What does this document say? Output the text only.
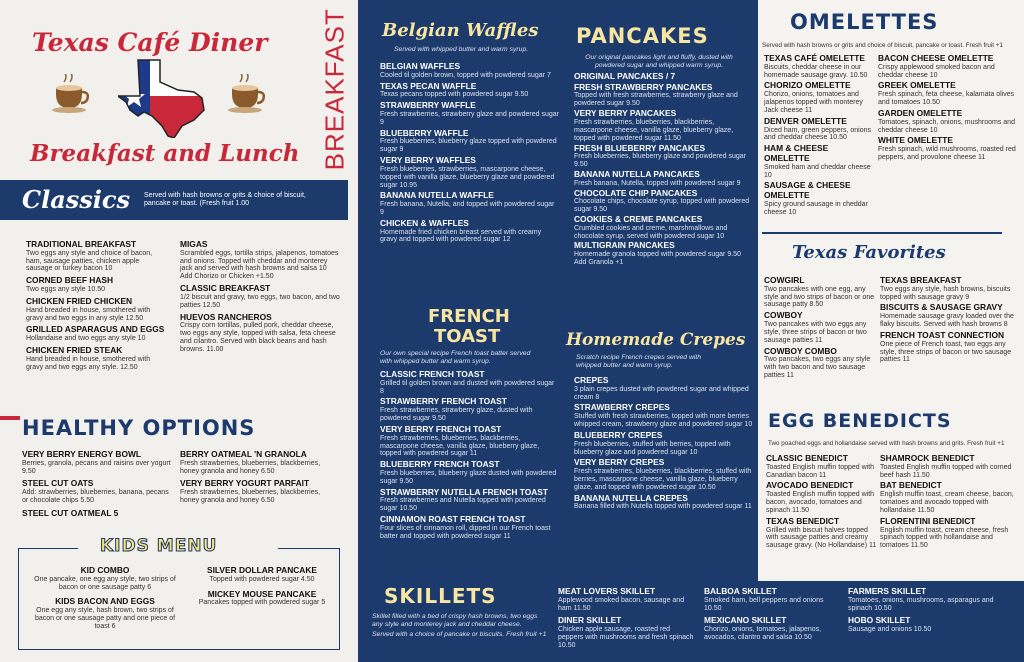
Texas Café Diner
Breakfast and Lunch BREAKFAST
Classics Served with hash browns or grits & choice of biscuit, pancake or toast. (Fresh fruit 1.00
TRADITIONAL BREAKFAST
Two eggs any style and choice of bacon, ham, sausage patties, chicken apple sausage or turkey bacon 10
CORNED BEEF HASH
Two eggs any style 10.50
CHICKEN FRIED CHICKEN
Hand breaded in house, smothered with gravy and two eggs in any style 12.50
GRILLED ASPARAGUS AND EGGS
Hollandaise and two eggs any style 10
CHICKEN FRIED STEAK
Hand breaded in house, smothered with gravy and two eggs any style. 12.50
MIGAS
Scrambled eggs, tortilla strips, jalapenos, tomatoes and onions. Topped with cheddar and monterey jack and served with hash browns and salsa 10 Add Chorizo or Chicken +1.50
CLASSIC BREAKFAST
1/2 biscuit and gravy, two eggs, two bacon, and two patties 12.50
HUEVOS RANCHEROS
Crispy corn tortillas, pulled pork, cheddar cheese, two eggs any style, topped with salsa, feta cheese and cilantro. Served with black beans and hash browns. 11.00
HEALTHY OPTIONS
VERY BERRY ENERGY BOWL
Berries, granola, pecans and raisins over yogurt 9.50
STEEL CUT OATS
Add: strawberries, blueberries, banana, pecans or chocolate chips 5.50
STEEL CUT OATMEAL 5
BERRY OATMEAL 'N GRANOLA
Fresh strawberries, blueberries, blackberries, honey granola and honey 6.50
VERY BERRY YOGURT PARFAIT
Fresh strawberries, blueberries, blackberries, honey granola and honey 6.50
KIDS MENU
KID COMBO
One pancake, one egg any style, two strips of bacon or one sausage patty 6
KIDS BACON AND EGGS
One egg any style, hash brown, two strips of bacon or one sausage patty and one piece of toast 6
SILVER DOLLAR PANCAKE
Topped with powdered sugar 4.50
MICKEY MOUSE PANCAKE
Pancakes topped with powdered sugar 5
Belgian Waffles
Served with whipped butter and warm syrup.
BELGIAN WAFFLES
Cooled til golden brown, topped with powdered sugar 7
TEXAS PECAN WAFFLE
Texas pecans topped with powdered sugar 9.50
STRAWBERRY WAFFLE
Fresh strawberries, strawberry glaze and powdered sugar 9
BLUEBERRY WAFFLE
Fresh blueberries, blueberry glaze topped with powdered sugar 9
VERY BERRY WAFFLES
Fresh blueberries, strawberries, mascarpone cheese, topped with vanilla glaze, blueberry glaze and powdered sugar 10.95
BANANA NUTELLA WAFFLE
Fresh banana, Nutella, and topped with powdered sugar 9
CHICKEN & WAFFLES
Homemade fried chicken breast served with creamy gravy and topped with powdered sugar 12
FRENCH
TOAST
Our own special recipe French toast batter served with whipped butter and warm syrup.
CLASSIC FRENCH TOAST
Grilled til golden brown and dusted with powdered sugar 8
STRAWBERRY FRENCH TOAST
Fresh strawberries, strawberry glaze, dusted with powdered sugar 9.50
VERY BERRY FRENCH TOAST
Fresh strawberries, blueberries, blackberries, mascarpone cheese, vanilla glaze, blueberry glaze, topped with powdered sugar 11
BLUEBERRY FRENCH TOAST
Fresh blueberries, blueberry glaze dusted with powdered sugar 9.50
STRAWBERRY NUTELLA FRENCH TOAST
Fresh strawberries and Nutella topped with powdered sugar 10.50
CINNAMON ROAST FRENCH TOAST
Four slices of cinnamon roll, dipped in our French toast batter and topped with powdered sugar 11
PANCAKES
Our original pancakes light and fluffy, dusted with powdered sugar and whipped warm syrup.
ORIGINAL PANCAKES / 7
FRESH STRAWBERRY PANCAKES
Topped with fresh strawberries, strawberry glaze and powdered sugar 9.50
VERY BERRY PANCAKES
Fresh strawberries, blueberries, blackberries, mascarpone cheese, vanilla glaze, blueberry glaze, topped with powdered sugar 11.50
FRESH BLUEBERRY PANCAKES
Fresh blueberries, blueberry glaze and powdered sugar 9.50
BANANA NUTELLA PANCAKES
Fresh banana, Nutella, topped with powdered sugar 9
CHOCOLATE CHIP PANCAKES
Chocolate chips, chocolate syrup, topped with powdered sugar 9.50
COOKIES & CREME PANCAKES
Crumbled cookies and creme, marshmallows and chocolate syrup, served with powdered sugar 10
MULTIGRAIN PANCAKES
Homemade granola topped with powdered sugar 9.50 Add Granola +1
Homemade Crepes
Scratch recipe French crepes served with whipped butter and warm syrup.
CREPES
3 plain crepes dusted with powdered sugar and whipped cream 8
STRAWBERRY CREPES
Stuffed with fresh strawberries, topped with more berries whipped cream, strawberry glaze and powdered sugar 10
BLUEBERRY CREPES
Fresh blueberries, stuffed with berries, topped with blueberry glaze and powdered sugar 10
VERY BERRY CREPES
Fresh strawberries, blueberries, blackberries, stuffed with berries, mascarpone cheese, vanilla glaze, blueberry glaze, and topped with powdered sugar 10.50
BANANA NUTELLA CREPES
Banana filled with Nutella topped with powdered sugar 11
OMELETTES
Served with hash browns or grits and choice of biscuit, pancake or toast. Fresh fruit +1
TEXAS CAFÉ OMELETTE
Biscuits, cheddar cheese in our homemade sausage gravy. 10.50
CHORIZO OMELETTE
Chorizo, onions, tomatoes and jalapenos topped with monterey Jack cheese 11
DENVER OMELETTE
Diced ham, green peppers, onions and cheddar cheese 10.50
HAM & CHEESE OMELETTE
Smoked ham and cheddar cheese 10
SAUSAGE & CHEESE OMELETTE
Spicy ground sausage in cheddar cheese 10
BACON CHEESE OMELETTE
Crispy applewood smoked bacon and cheddar cheese 10
GREEK OMELETTE
Fresh spinach, feta cheese, kalamata olives and tomatoes 10.50
GARDEN OMELETTE
Tomatoes, spinach, onions, mushrooms and cheddar cheese 10
WHITE OMELETTE
Fresh spinach, wild mushrooms, roasted red peppers, and provolone cheese 11
Texas Favorites
COWGIRL
Two pancakes with one egg, any style and two strips of bacon or one sausage patty 8.50
COWBOY
Two pancakes with two eggs any style, three strips of bacon or two sausage patties 11
COWBOY COMBO
Two pancakes, two eggs any style with two bacon and two sausage patties 11
TEXAS BREAKFAST
Two eggs any style, hash browns, biscuits topped with sausage gravy 9
BISCUITS & SAUSAGE GRAVY
Homemade sausage gravy loaded over the flaky biscuits. Served with hash browns 8
FRENCH TOAST CONNECTION
One piece of French toast, two eggs any style, three strips of bacon or two sausage patties 11
EGG BENEDICTS
Two poached eggs and hollandaise served with hash browns and grits. Fresh fruit +1
CLASSIC BENEDICT
Toasted English muffin topped with Canadian bacon 11
AVOCADO BENEDICT
Toasted English muffin topped with bacon, avocado, tomatoes and spinach 11.50
TEXAS BENEDICT
Grilled with biscuit halves topped with sausage patties and creamy sausage gravy. (No Hollandaise) 11
SHAMROCK BENEDICT
Toasted English muffin topped with corned beef hash 11.50
BAT BENEDICT
English muffin toast, cream cheese, bacon, tomatoes and avocado topped with hollandaise 11.50
FLORENTINI BENEDICT
English muffin toast, cream cheese, fresh spinach topped with hollandaise and tomatoes 11.50
SKILLETS
Skillet filled with a bed of crispy hash browns, two eggs any style and monterey jack and cheddar cheese.
Served with a choice of pancake or biscuits. Fresh fruit +1
MEAT LOVERS SKILLET
Applewood smoked bacon, sausage and ham 11.50
DINER SKILLET
Chicken apple sausage, roasted red peppers with mushrooms and fresh spinach 10.50
BALBOA SKILLET
Smoked ham, bell peppers and onions 10.50
MEXICANO SKILLET
Chorizo, onions, tomatoes, jalapenos, avocados, cilantro and salsa 10.50
FARMERS SKILLET
Tomatoes, onions, mushrooms, asparagus and spinach 10.50
HOBO SKILLET
Sausage and onions 10.50
